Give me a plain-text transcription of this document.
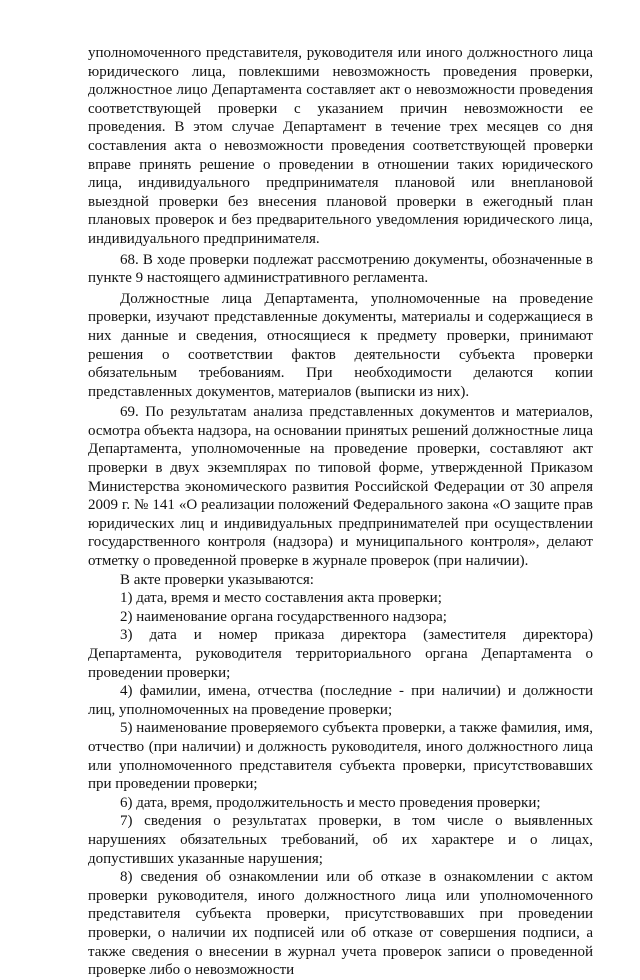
уполномоченного представителя, руководителя или иного должностного лица юридического лица, повлекшими невозможность проведения проверки, должностное лицо Департамента составляет акт о невозможности проведения соответствующей проверки с указанием причин невозможности ее проведения. В этом случае Департамент в течение трех месяцев со дня составления акта о невозможности проведения соответствующей проверки вправе принять решение о проведении в отношении таких юридического лица, индивидуального предпринимателя плановой или внеплановой выездной проверки без внесения плановой проверки в ежегодный план плановых проверок и без предварительного уведомления юридического лица, индивидуального предпринимателя.

68. В ходе проверки подлежат рассмотрению документы, обозначенные в пункте 9 настоящего административного регламента.

Должностные лица Департамента, уполномоченные на проведение проверки, изучают представленные документы, материалы и содержащиеся в них данные и сведения, относящиеся к предмету проверки, принимают решения о соответствии фактов деятельности субъекта проверки обязательным требованиям. При необходимости делаются копии представленных документов, материалов (выписки из них).

69. По результатам анализа представленных документов и материалов, осмотра объекта надзора, на основании принятых решений должностные лица Департамента, уполномоченные на проведение проверки, составляют акт проверки в двух экземплярах по типовой форме, утвержденной Приказом Министерства экономического развития Российской Федерации от 30 апреля 2009 г. № 141 «О реализации положений Федерального закона «О защите прав юридических лиц и индивидуальных предпринимателей при осуществлении государственного контроля (надзора) и муниципального контроля», делают отметку о проведенной проверке в журнале проверок (при наличии).

В акте проверки указываются:

1) дата, время и место составления акта проверки;

2) наименование органа государственного надзора;

3) дата и номер приказа директора (заместителя директора) Департамента, руководителя территориального органа Департамента о проведении проверки;

4) фамилии, имена, отчества (последние - при наличии) и должности лиц, уполномоченных на проведение проверки;

5) наименование проверяемого субъекта проверки, а также фамилия, имя, отчество (при наличии) и должность руководителя, иного должностного лица или уполномоченного представителя субъекта проверки, присутствовавших при проведении проверки;

6) дата, время, продолжительность и место проведения проверки;

7) сведения о результатах проверки, в том числе о выявленных нарушениях обязательных требований, об их характере и о лицах, допустивших указанные нарушения;

8) сведения об ознакомлении или об отказе в ознакомлении с актом проверки руководителя, иного должностного лица или уполномоченного представителя субъекта проверки, присутствовавших при проведении проверки, о наличии их подписей или об отказе от совершения подписи, а также сведения о внесении в журнал учета проверок записи о проведенной проверке либо о невозможности
